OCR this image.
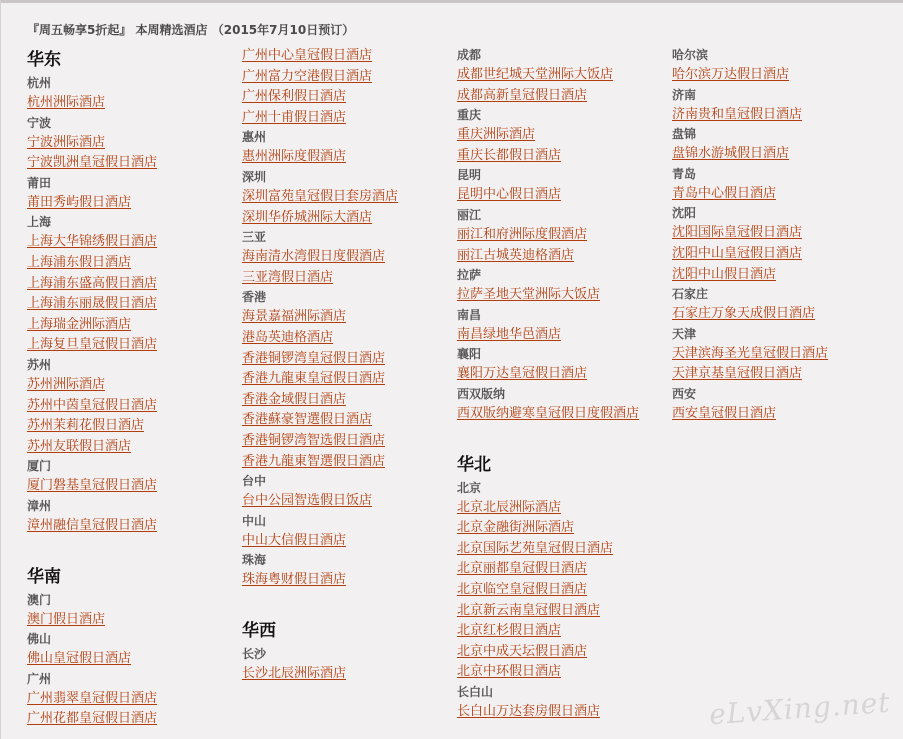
『周五畅享5折起』 本周精选酒店 （2015年7月10日预订）
华东
杭州
杭州洲际酒店
宁波
宁波洲际酒店
宁波凯洲皇冠假日酒店
莆田
莆田秀屿假日酒店
上海
上海大华锦绣假日酒店
上海浦东假日酒店
上海浦东盛高假日酒店
上海浦东丽晟假日酒店
上海瑞金洲际酒店
上海复旦皇冠假日酒店
苏州
苏州洲际酒店
苏州中茵皇冠假日酒店
苏州茉莉花假日酒店
苏州友联假日酒店
厦门
厦门磐基皇冠假日酒店
漳州
漳州融信皇冠假日酒店
华南
澳门
澳门假日酒店
佛山
佛山皇冠假日酒店
广州
广州翡翠皇冠假日酒店
广州花都皇冠假日酒店
广州中心皇冠假日酒店
广州富力空港假日酒店
广州保利假日酒店
广州十甫假日酒店
惠州
惠州洲际度假酒店
深圳
深圳富苑皇冠假日套房酒店
深圳华侨城洲际大酒店
三亚
海南清水湾假日度假酒店
三亚湾假日酒店
香港
海景嘉福洲际酒店
港岛英迪格酒店
香港铜锣湾皇冠假日酒店
香港九龍東皇冠假日酒店
香港金域假日酒店
香港蘇豪智選假日酒店
香港铜锣湾智选假日酒店
香港九龍東智選假日酒店
台中
台中公园智选假日饭店
中山
中山大信假日酒店
珠海
珠海粤财假日酒店
华西
长沙
长沙北辰洲际酒店
成都
成都世纪城天堂洲际大饭店
成都高新皇冠假日酒店
重庆
重庆洲际酒店
重庆长都假日酒店
昆明
昆明中心假日酒店
丽江
丽江和府洲际度假酒店
丽江古城英迪格酒店
拉萨
拉萨圣地天堂洲际大饭店
南昌
南昌绿地华邑酒店
襄阳
襄阳万达皇冠假日酒店
西双版纳
西双版纳避寒皇冠假日度假酒店
华北
北京
北京北辰洲际酒店
北京金融街洲际酒店
北京国际艺苑皇冠假日酒店
北京丽都皇冠假日酒店
北京临空皇冠假日酒店
北京新云南皇冠假日酒店
北京红杉假日酒店
北京中成天坛假日酒店
北京中环假日酒店
长白山
长白山万达套房假日酒店
哈尔滨
哈尔滨万达假日酒店
济南
济南贵和皇冠假日酒店
盘锦
盘锦水游城假日酒店
青岛
青岛中心假日酒店
沈阳
沈阳国际皇冠假日酒店
沈阳中山皇冠假日酒店
沈阳中山假日酒店
石家庄
石家庄万象天成假日酒店
天津
天津滨海圣光皇冠假日酒店
天津京基皇冠假日酒店
西安
西安皇冠假日酒店
eLvXing.net
